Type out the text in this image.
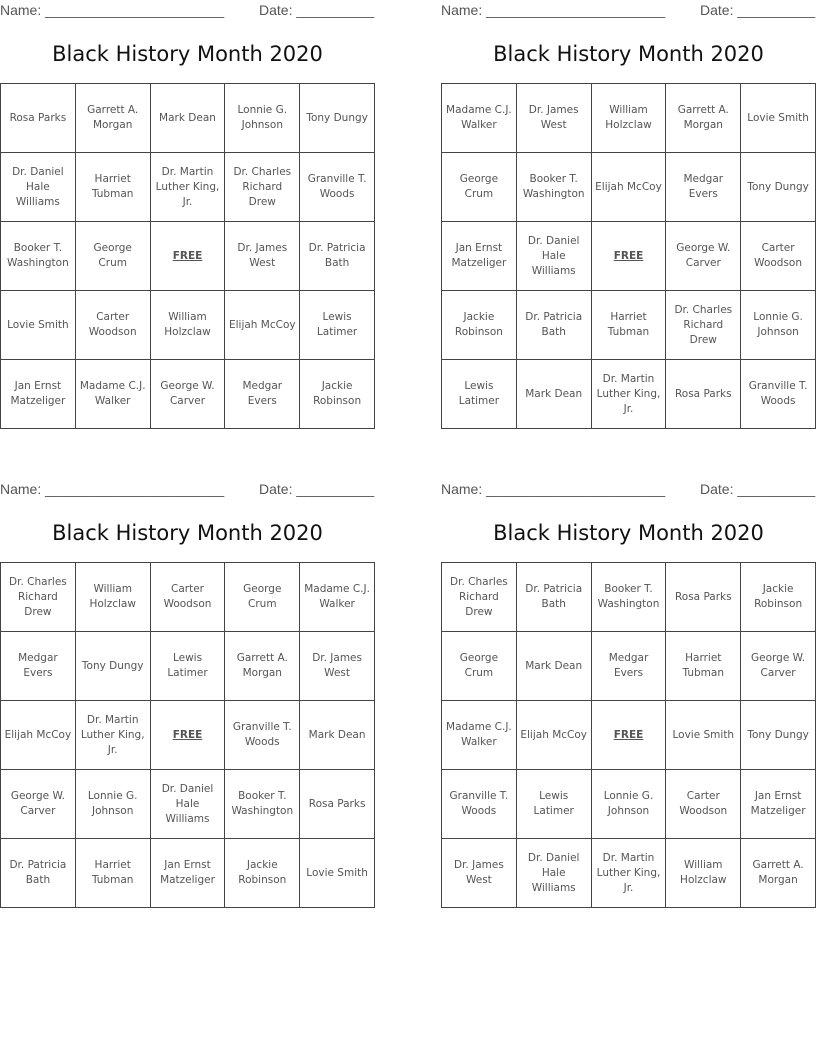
Name: _______________________ Date: __________
Black History Month 2020
Rosa Parks	Garrett A. Morgan	Mark Dean	Lonnie G. Johnson	Tony Dungy
Dr. Daniel Hale Williams	Harriet Tubman	Dr. Martin Luther King, Jr.	Dr. Charles Richard Drew	Granville T. Woods
Booker T. Washington	George Crum	FREE	Dr. James West	Dr. Patricia Bath
Lovie Smith	Carter Woodson	William Holzclaw	Elijah McCoy	Lewis Latimer
Jan Ernst Matzeliger	Madame C.J. Walker	George W. Carver	Medgar Evers	Jackie Robinson
Name: _______________________ Date: __________
Black History Month 2020
Madame C.J. Walker	Dr. James West	William Holzclaw	Garrett A. Morgan	Lovie Smith
George Crum	Booker T. Washington	Elijah McCoy	Medgar Evers	Tony Dungy
Jan Ernst Matzeliger	Dr. Daniel Hale Williams	FREE	George W. Carver	Carter Woodson
Jackie Robinson	Dr. Patricia Bath	Harriet Tubman	Dr. Charles Richard Drew	Lonnie G. Johnson
Lewis Latimer	Mark Dean	Dr. Martin Luther King, Jr.	Rosa Parks	Granville T. Woods
Name: _______________________ Date: __________
Black History Month 2020
Dr. Charles Richard Drew	William Holzclaw	Carter Woodson	George Crum	Madame C.J. Walker
Medgar Evers	Tony Dungy	Lewis Latimer	Garrett A. Morgan	Dr. James West
Elijah McCoy	Dr. Martin Luther King, Jr.	FREE	Granville T. Woods	Mark Dean
George W. Carver	Lonnie G. Johnson	Dr. Daniel Hale Williams	Booker T. Washington	Rosa Parks
Dr. Patricia Bath	Harriet Tubman	Jan Ernst Matzeliger	Jackie Robinson	Lovie Smith
Name: _______________________ Date: __________
Black History Month 2020
Dr. Charles Richard Drew	Dr. Patricia Bath	Booker T. Washington	Rosa Parks	Jackie Robinson
George Crum	Mark Dean	Medgar Evers	Harriet Tubman	George W. Carver
Madame C.J. Walker	Elijah McCoy	FREE	Lovie Smith	Tony Dungy
Granville T. Woods	Lewis Latimer	Lonnie G. Johnson	Carter Woodson	Jan Ernst Matzeliger
Dr. James West	Dr. Daniel Hale Williams	Dr. Martin Luther King, Jr.	William Holzclaw	Garrett A. Morgan
